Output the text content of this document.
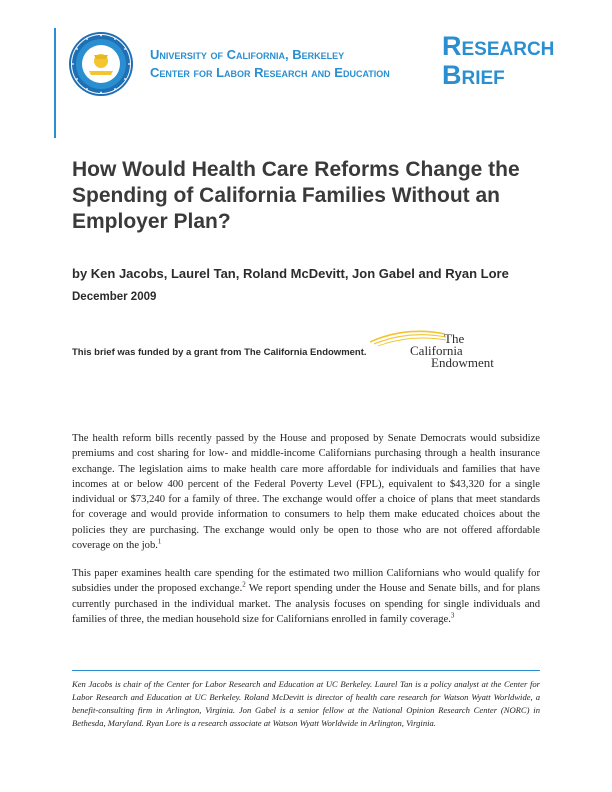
University of California, Berkeley
Center for Labor Research and Education
Research
Brief
How Would Health Care Reforms Change the Spending of California Families Without an Employer Plan?

by Ken Jacobs, Laurel Tan, Roland McDevitt, Jon Gabel and Ryan Lore

December 2009

This brief was funded by a grant from The California Endowment.

The
California
Endowment

The health reform bills recently passed by the House and proposed by Senate Democrats would subsidize premiums and cost sharing for low- and middle-income Californians purchasing through a health insurance exchange. The legislation aims to make health care more affordable for individuals and families that have incomes at or below 400 percent of the Federal Poverty Level (FPL), equivalent to $43,320 for a single individual or $73,240 for a family of three. The exchange would offer a choice of plans that meet standards for coverage and would provide information to consumers to help them make educated choices about the policies they are purchasing. The exchange would only be open to those who are not offered affordable coverage on the job.$^1$

This paper examines health care spending for the estimated two million Californians who would qualify for subsidies under the proposed exchange.$^2$ We report spending under the House and Senate bills, and for plans currently purchased in the individual market. The analysis focuses on spending for single individuals and families of three, the median household size for Californians enrolled in family coverage.$^3$

Ken Jacobs is chair of the Center for Labor Research and Education at UC Berkeley. Laurel Tan is a policy analyst at the Center for Labor Research and Education at UC Berkeley. Roland McDevitt is director of health care research for Watson Wyatt Worldwide, a benefit-consulting firm in Arlington, Virginia. Jon Gabel is a senior fellow at the National Opinion Research Center (NORC) in Bethesda, Maryland. Ryan Lore is a research associate at Watson Wyatt Worldwide in Arlington, Virginia.
